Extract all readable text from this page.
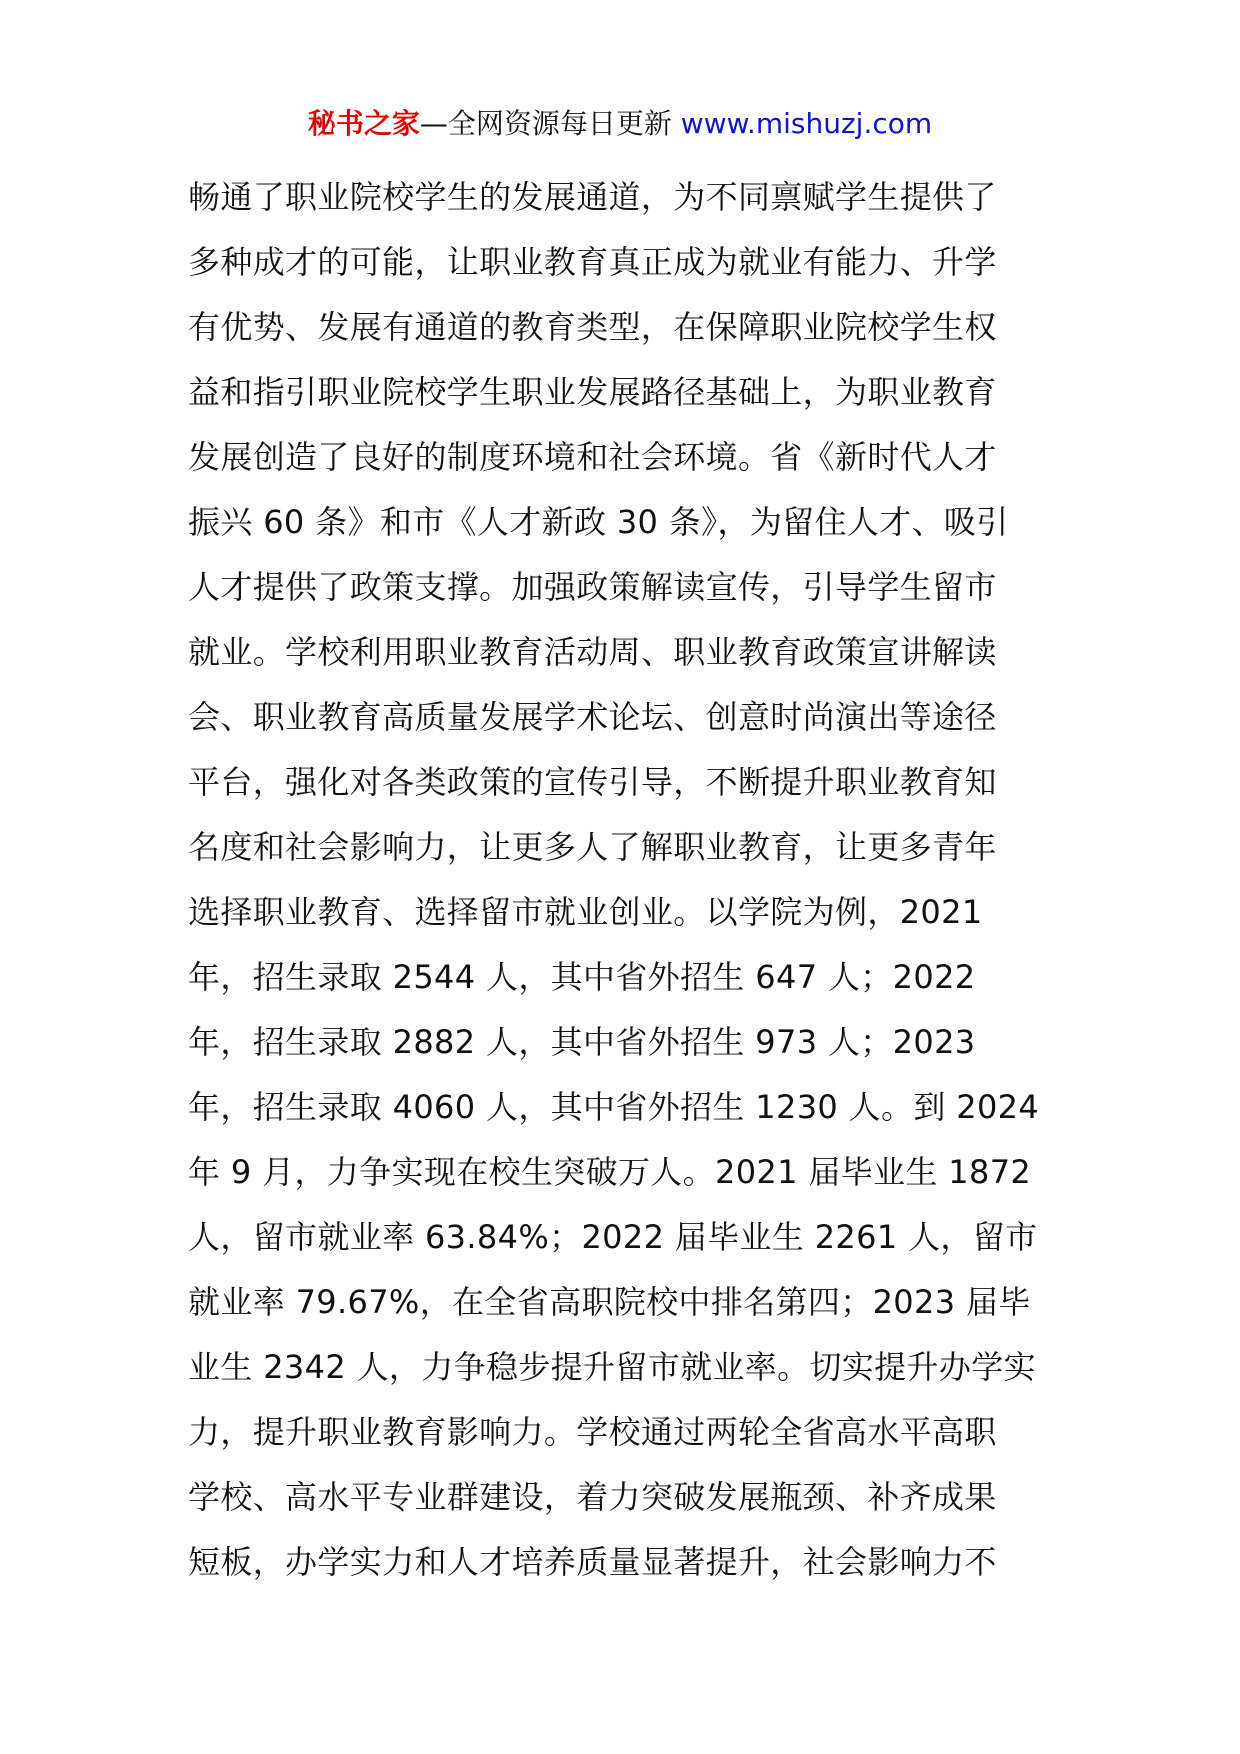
秘书之家—全网资源每日更新 www.mishuzj.com
畅通了职业院校学生的发展通道，为不同禀赋学生提供了
多种成才的可能，让职业教育真正成为就业有能力、升学
有优势、发展有通道的教育类型，在保障职业院校学生权
益和指引职业院校学生职业发展路径基础上，为职业教育
发展创造了良好的制度环境和社会环境。省《新时代人才
振兴 60 条》和市《人才新政 30 条》，为留住人才、吸引
人才提供了政策支撑。加强政策解读宣传，引导学生留市
就业。学校利用职业教育活动周、职业教育政策宣讲解读
会、职业教育高质量发展学术论坛、创意时尚演出等途径
平台，强化对各类政策的宣传引导，不断提升职业教育知
名度和社会影响力，让更多人了解职业教育，让更多青年
选择职业教育、选择留市就业创业。以学院为例，2021
年，招生录取 2544 人，其中省外招生 647 人；2022
年，招生录取 2882 人，其中省外招生 973 人；2023
年，招生录取 4060 人，其中省外招生 1230 人。到 2024
年 9 月，力争实现在校生突破万人。2021 届毕业生 1872
人，留市就业率 63.84%；2022 届毕业生 2261 人，留市
就业率 79.67%，在全省高职院校中排名第四；2023 届毕
业生 2342 人，力争稳步提升留市就业率。切实提升办学实
力，提升职业教育影响力。学校通过两轮全省高水平高职
学校、高水平专业群建设，着力突破发展瓶颈、补齐成果
短板，办学实力和人才培养质量显著提升，社会影响力不
